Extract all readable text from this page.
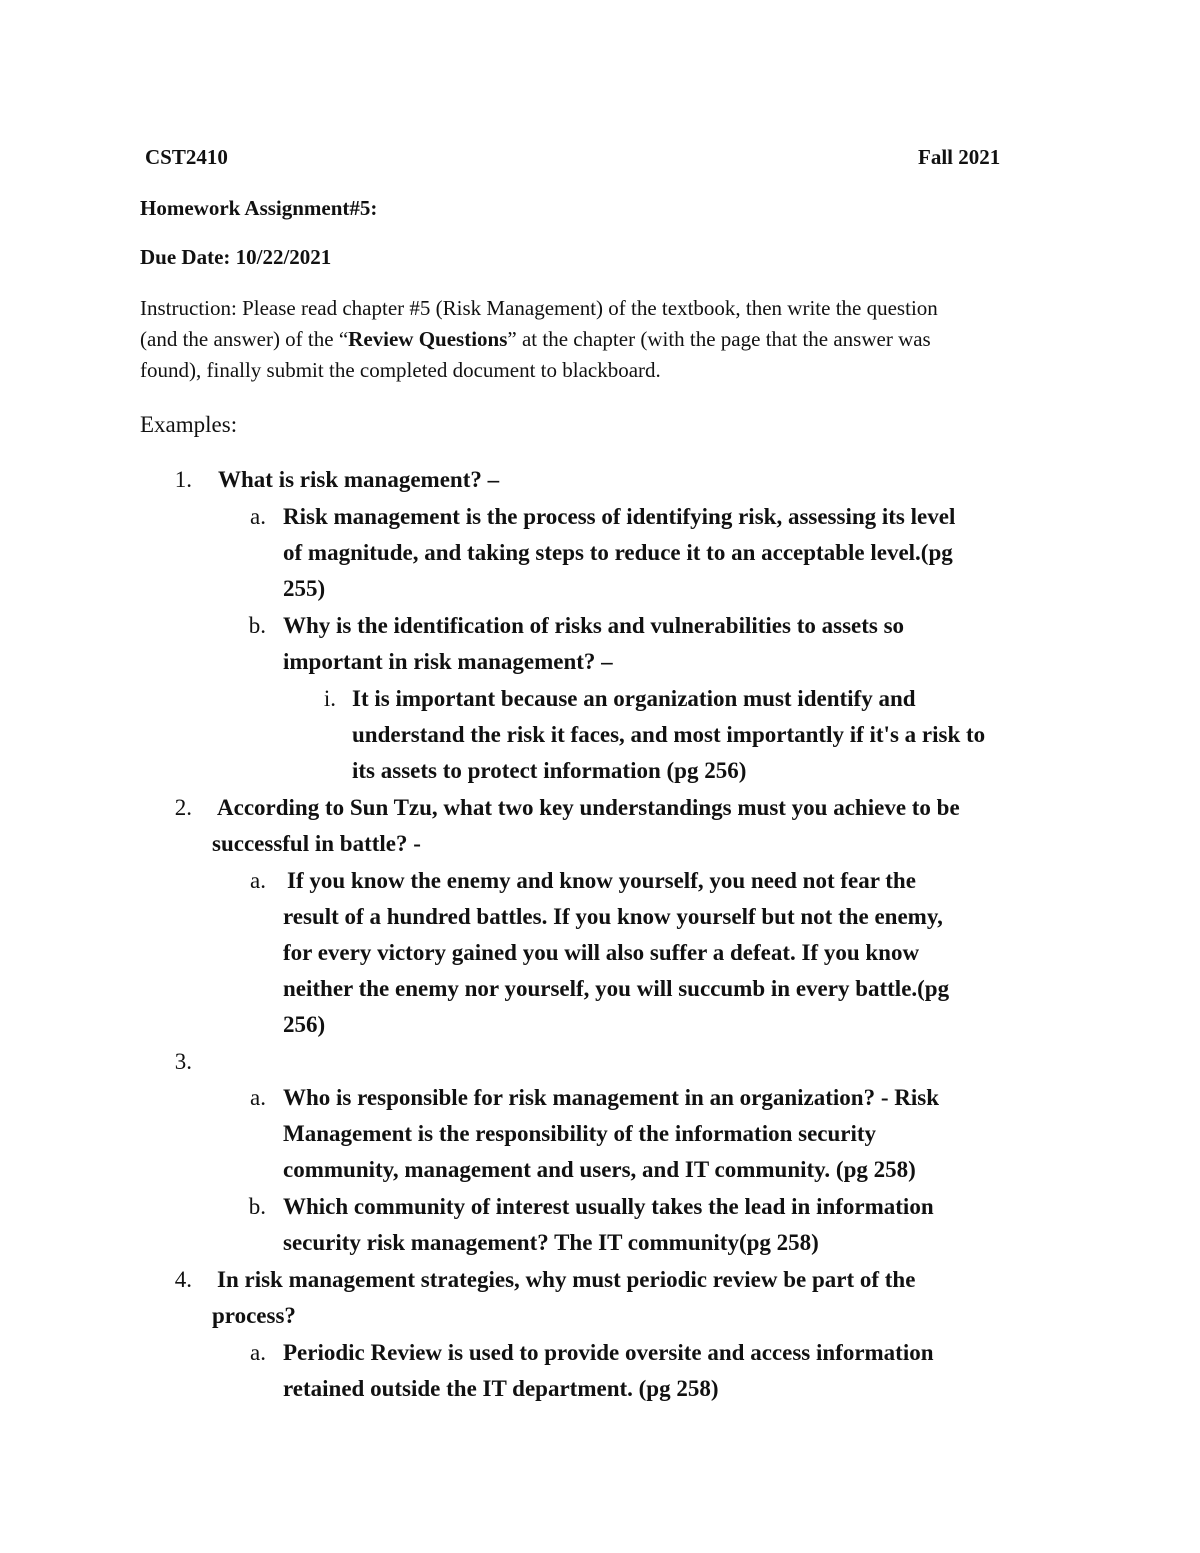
CST2410	Fall 2021
Homework Assignment#5:
Due Date: 10/22/2021
Instruction: Please read chapter #5 (Risk Management) of the textbook, then write the question
(and the answer) of the “Review Questions” at the chapter (with the page that the answer was
found), finally submit the completed document to blackboard.
Examples:
1. What is risk management? –
a. Risk management is the process of identifying risk, assessing its level
of magnitude, and taking steps to reduce it to an acceptable level.(pg
255)
b. Why is the identification of risks and vulnerabilities to assets so
important in risk management? –
i. It is important because an organization must identify and
understand the risk it faces, and most importantly if it's a risk to
its assets to protect information (pg 256)
2. According to Sun Tzu, what two key understandings must you achieve to be
successful in battle? -
a. If you know the enemy and know yourself, you need not fear the
result of a hundred battles. If you know yourself but not the enemy,
for every victory gained you will also suffer a defeat. If you know
neither the enemy nor yourself, you will succumb in every battle.(pg
256)
3.
a. Who is responsible for risk management in an organization? - Risk
Management is the responsibility of the information security
community, management and users, and IT community. (pg 258)
b. Which community of interest usually takes the lead in information
security risk management? The IT community(pg 258)
4. In risk management strategies, why must periodic review be part of the
process?
a. Periodic Review is used to provide oversite and access information
retained outside the IT department. (pg 258)
